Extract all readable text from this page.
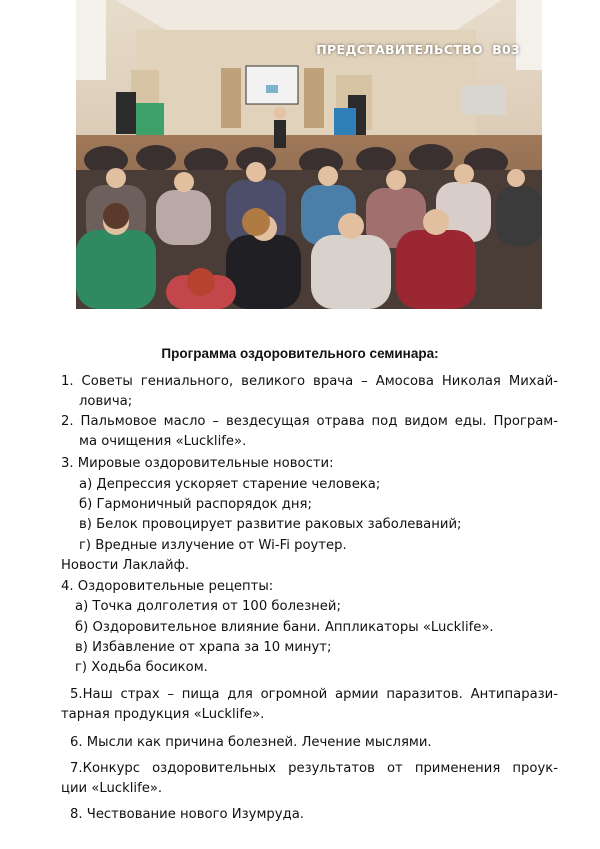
ПРЕДСТАВИТЕЛЬСТВО  В03
Программа оздоровительного семинара:
1. Советы гениального, великого врача – Амосова Николая Михай-
ловича;
2. Пальмовое масло – вездесущая отрава под видом еды. Програм-
ма очищения «Lucklife».
3. Мировые оздоровительные новости:
а) Депрессия ускоряет старение человека;
б) Гармоничный распорядок дня;
в) Белок провоцирует развитие раковых заболеваний;
г) Вредные излучение от Wi-Fi роутер.
Новости Лаклайф.
4. Оздоровительные рецепты:
а) Точка долголетия от 100 болезней;
б) Оздоровительное влияние бани. Аппликаторы «Lucklife».
в) Избавление от храпа за 10 минут;
г) Ходьба босиком.
5.Наш страх – пища для огромной армии паразитов. Антипарази-
тарная продукция «Lucklife».
6. Мысли как причина болезней. Лечение мыслями.
7.Конкурс оздоровительных результатов от применения проук-
ции «Lucklife».
8. Чествование нового Изумруда.
